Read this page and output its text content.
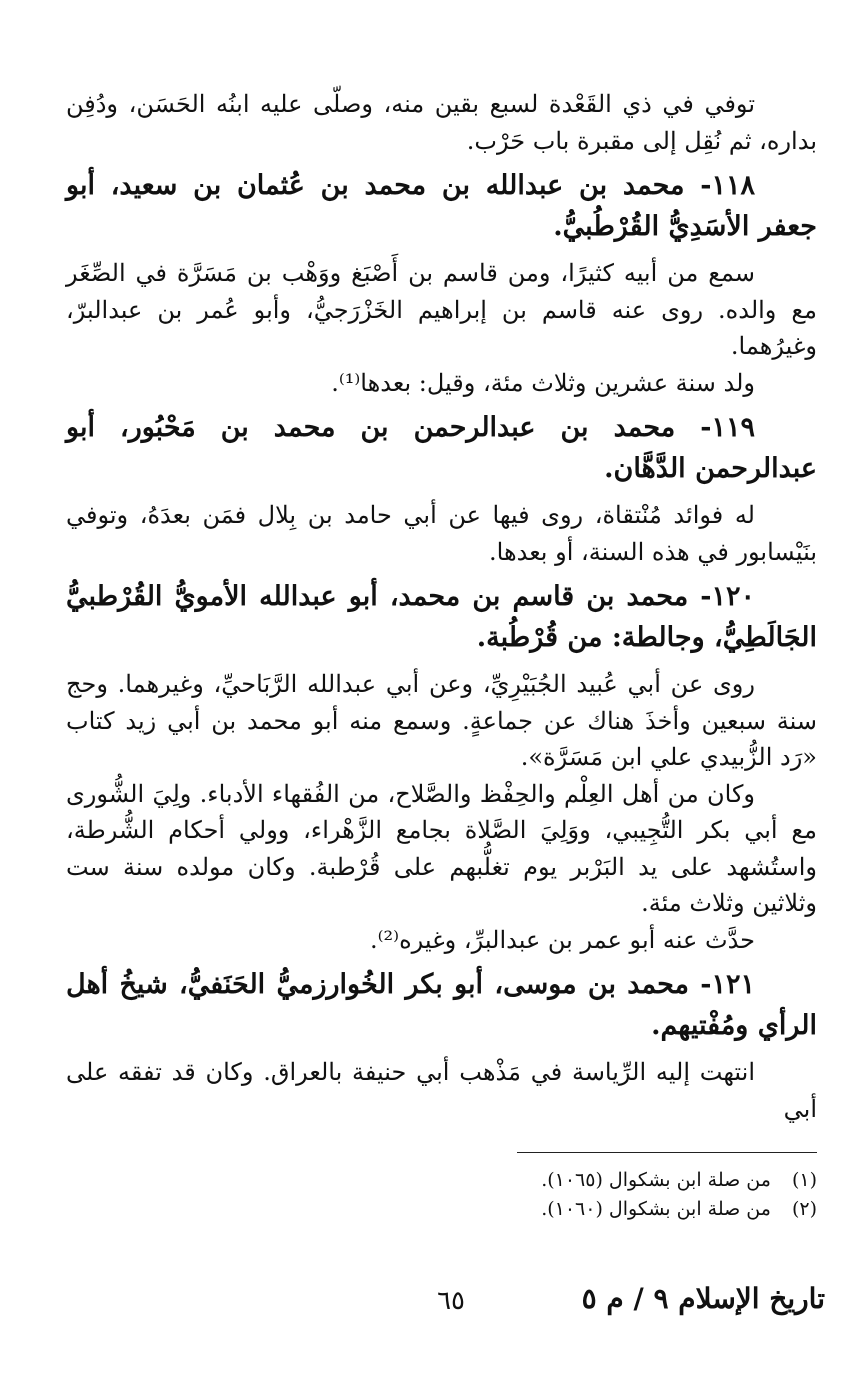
توفي في ذي القَعْدة لسبع بقين منه، وصلّى عليه ابنُه الحَسَن، ودُفِن بداره، ثم نُقِل إلى مقبرة باب حَرْب.

١١٨- محمد بن عبدالله بن محمد بن عُثمان بن سعيد، أبو جعفر الأسَدِيُّ القُرْطُبيُّ.

سمع من أبيه كثيرًا، ومن قاسم بن أَصْبَغ ووَهْب بن مَسَرَّة في الصِّغَر مع والده. روى عنه قاسم بن إبراهيم الخَزْرَجيُّ، وأبو عُمر بن عبدالبرّ، وغيرُهما.

ولد سنة عشرين وثلاث مئة، وقيل: بعدها⁽¹⁾.

١١٩- محمد بن عبدالرحمن بن محمد بن مَحْبُور، أبو عبدالرحمن الدَّهَّان.

له فوائد مُنْتقاة، روى فيها عن أبي حامد بن بِلال فمَن بعدَهُ، وتوفي بنَيْسابور في هذه السنة، أو بعدها.

١٢٠- محمد بن قاسم بن محمد، أبو عبدالله الأمويُّ القُرْطبيُّ الجَالَطِيُّ، وجالطة: من قُرْطُبة.

روى عن أبي عُبيد الجُبَيْرِيِّ، وعن أبي عبدالله الرَّبَاحيِّ، وغيرهما. وحج سنة سبعين وأخذَ هناك عن جماعةٍ. وسمع منه أبو محمد بن أبي زيد كتاب «رَد الزُّبيدي علي ابن مَسَرَّة».

وكان من أهل العِلْم والحِفْظ والصَّلاح، من الفُقهاء الأدباء. ولِيَ الشُّورى مع أبي بكر التُّجِيبي، ووَلِيَ الصَّلاة بجامع الزَّهْراء، وولي أحكام الشُّرطة، واستُشهد على يد البَرْبر يوم تغلُّبهم على قُرْطبة. وكان مولده سنة ست وثلاثين وثلاث مئة.

حدَّث عنه أبو عمر بن عبدالبرِّ، وغيره⁽²⁾.

١٢١- محمد بن موسى، أبو بكر الخُوارزميُّ الحَنَفيُّ، شيخُ أهل الرأي ومُفْتيهم.

انتهت إليه الرِّياسة في مَذْهب أبي حنيفة بالعراق. وكان قد تفقه على أبي

(١) من صلة ابن بشكوال (١٠٦٥).
(٢) من صلة ابن بشكوال (١٠٦٠).
تاريخ الإسلام ٩ / م ٥
٦٥
